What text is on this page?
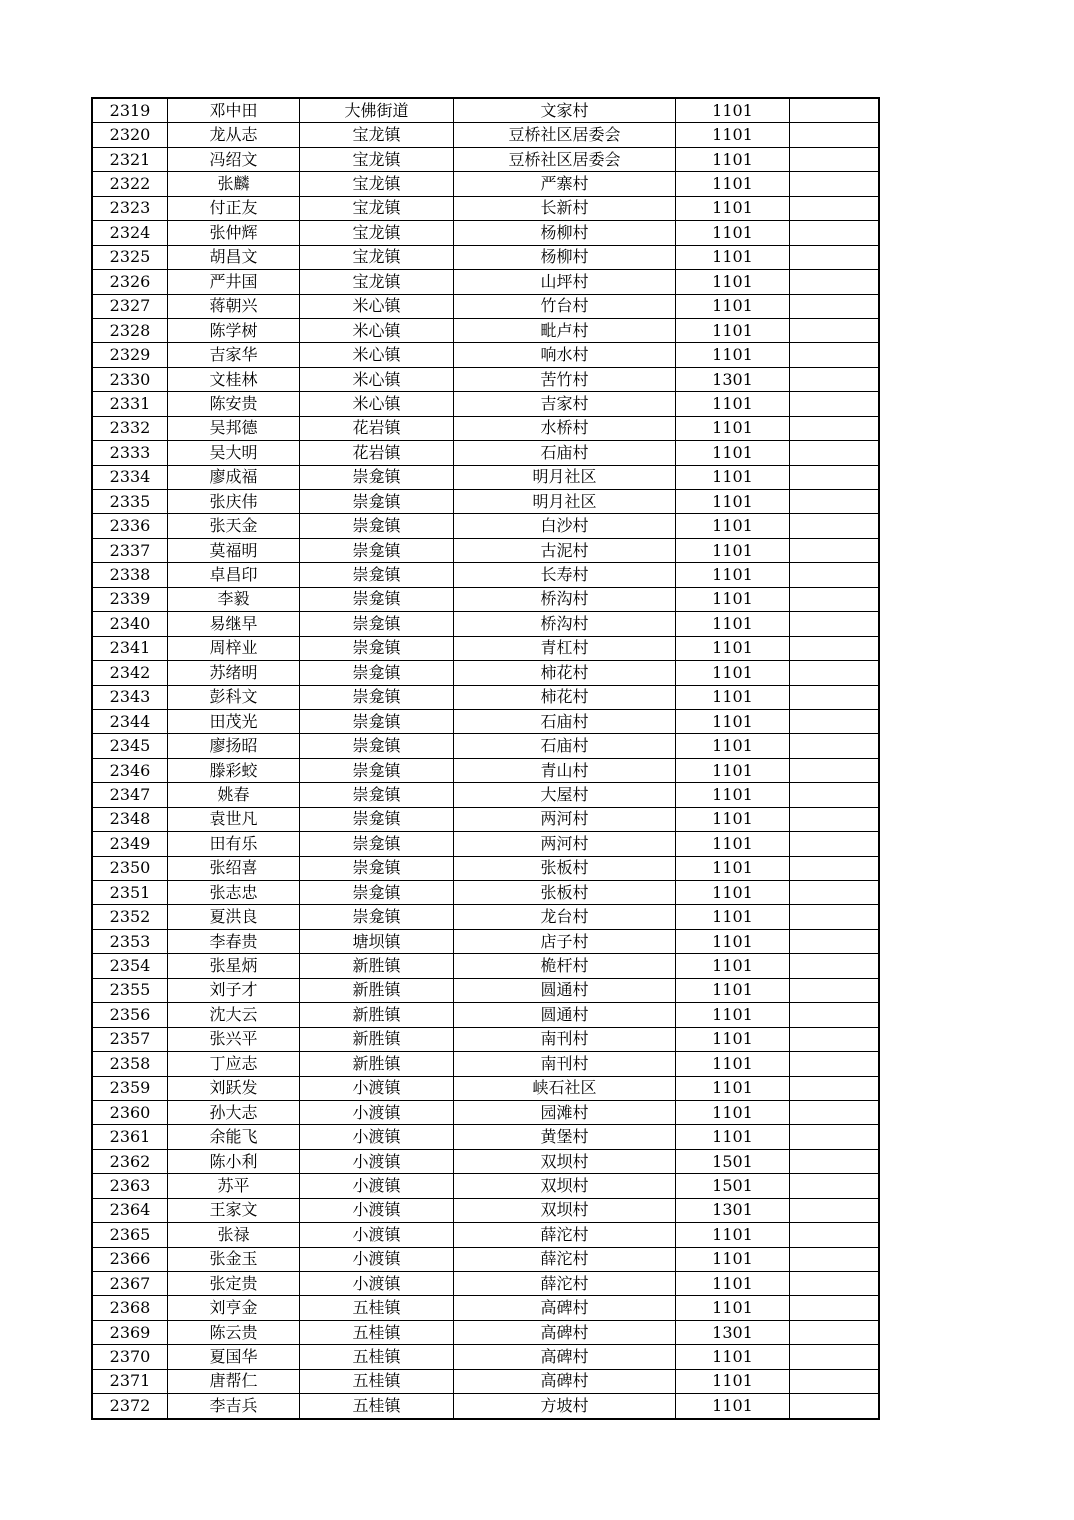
2319	邓中田	大佛街道	文家村	1101	
2320	龙从志	宝龙镇	豆桥社区居委会	1101	
2321	冯绍文	宝龙镇	豆桥社区居委会	1101	
2322	张麟	宝龙镇	严寨村	1101	
2323	付正友	宝龙镇	长新村	1101	
2324	张仲辉	宝龙镇	杨柳村	1101	
2325	胡昌文	宝龙镇	杨柳村	1101	
2326	严井国	宝龙镇	山坪村	1101	
2327	蒋朝兴	米心镇	竹台村	1101	
2328	陈学树	米心镇	毗卢村	1101	
2329	吉家华	米心镇	响水村	1101	
2330	文桂林	米心镇	苦竹村	1301	
2331	陈安贵	米心镇	吉家村	1101	
2332	吴邦德	花岩镇	水桥村	1101	
2333	吴大明	花岩镇	石庙村	1101	
2334	廖成福	崇龛镇	明月社区	1101	
2335	张庆伟	崇龛镇	明月社区	1101	
2336	张天金	崇龛镇	白沙村	1101	
2337	莫福明	崇龛镇	古泥村	1101	
2338	卓昌印	崇龛镇	长寿村	1101	
2339	李毅	崇龛镇	桥沟村	1101	
2340	易继早	崇龛镇	桥沟村	1101	
2341	周梓业	崇龛镇	青杠村	1101	
2342	苏绪明	崇龛镇	柿花村	1101	
2343	彭科文	崇龛镇	柿花村	1101	
2344	田茂光	崇龛镇	石庙村	1101	
2345	廖扬昭	崇龛镇	石庙村	1101	
2346	滕彩蛟	崇龛镇	青山村	1101	
2347	姚春	崇龛镇	大屋村	1101	
2348	袁世凡	崇龛镇	两河村	1101	
2349	田有乐	崇龛镇	两河村	1101	
2350	张绍喜	崇龛镇	张板村	1101	
2351	张志忠	崇龛镇	张板村	1101	
2352	夏洪良	崇龛镇	龙台村	1101	
2353	李春贵	塘坝镇	店子村	1101	
2354	张星炳	新胜镇	桅杆村	1101	
2355	刘子才	新胜镇	圆通村	1101	
2356	沈大云	新胜镇	圆通村	1101	
2357	张兴平	新胜镇	南刊村	1101	
2358	丁应志	新胜镇	南刊村	1101	
2359	刘跃发	小渡镇	峡石社区	1101	
2360	孙大志	小渡镇	园滩村	1101	
2361	余能飞	小渡镇	黄堡村	1101	
2362	陈小利	小渡镇	双坝村	1501	
2363	苏平	小渡镇	双坝村	1501	
2364	王家文	小渡镇	双坝村	1301	
2365	张禄	小渡镇	薛沱村	1101	
2366	张金玉	小渡镇	薛沱村	1101	
2367	张定贵	小渡镇	薛沱村	1101	
2368	刘亨金	五桂镇	高碑村	1101	
2369	陈云贵	五桂镇	高碑村	1301	
2370	夏国华	五桂镇	高碑村	1101	
2371	唐帮仁	五桂镇	高碑村	1101	
2372	李吉兵	五桂镇	方坡村	1101	
